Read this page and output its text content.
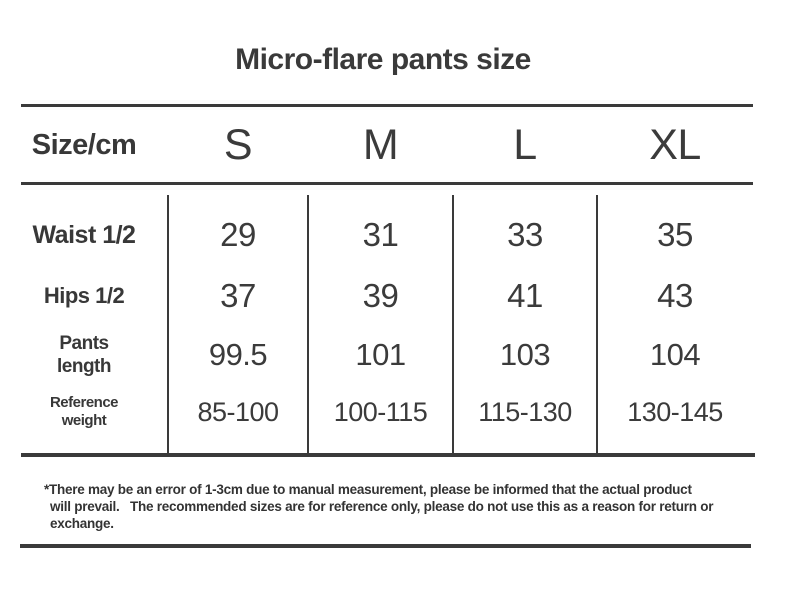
Micro-flare pants size
Size/cm S	M	L	XL
Waist 1/2	29	31	33	35
Hips 1/2	37	39	41	43
Pants
length	99.5	101	103	104
Reference
weight	85-100 100-115 115-130 130-145
*There may be an error of 1-3cm due to manual measurement, please be informed that the actual product
will prevail.   The recommended sizes are for reference only, please do not use this as a reason for return or
exchange.
